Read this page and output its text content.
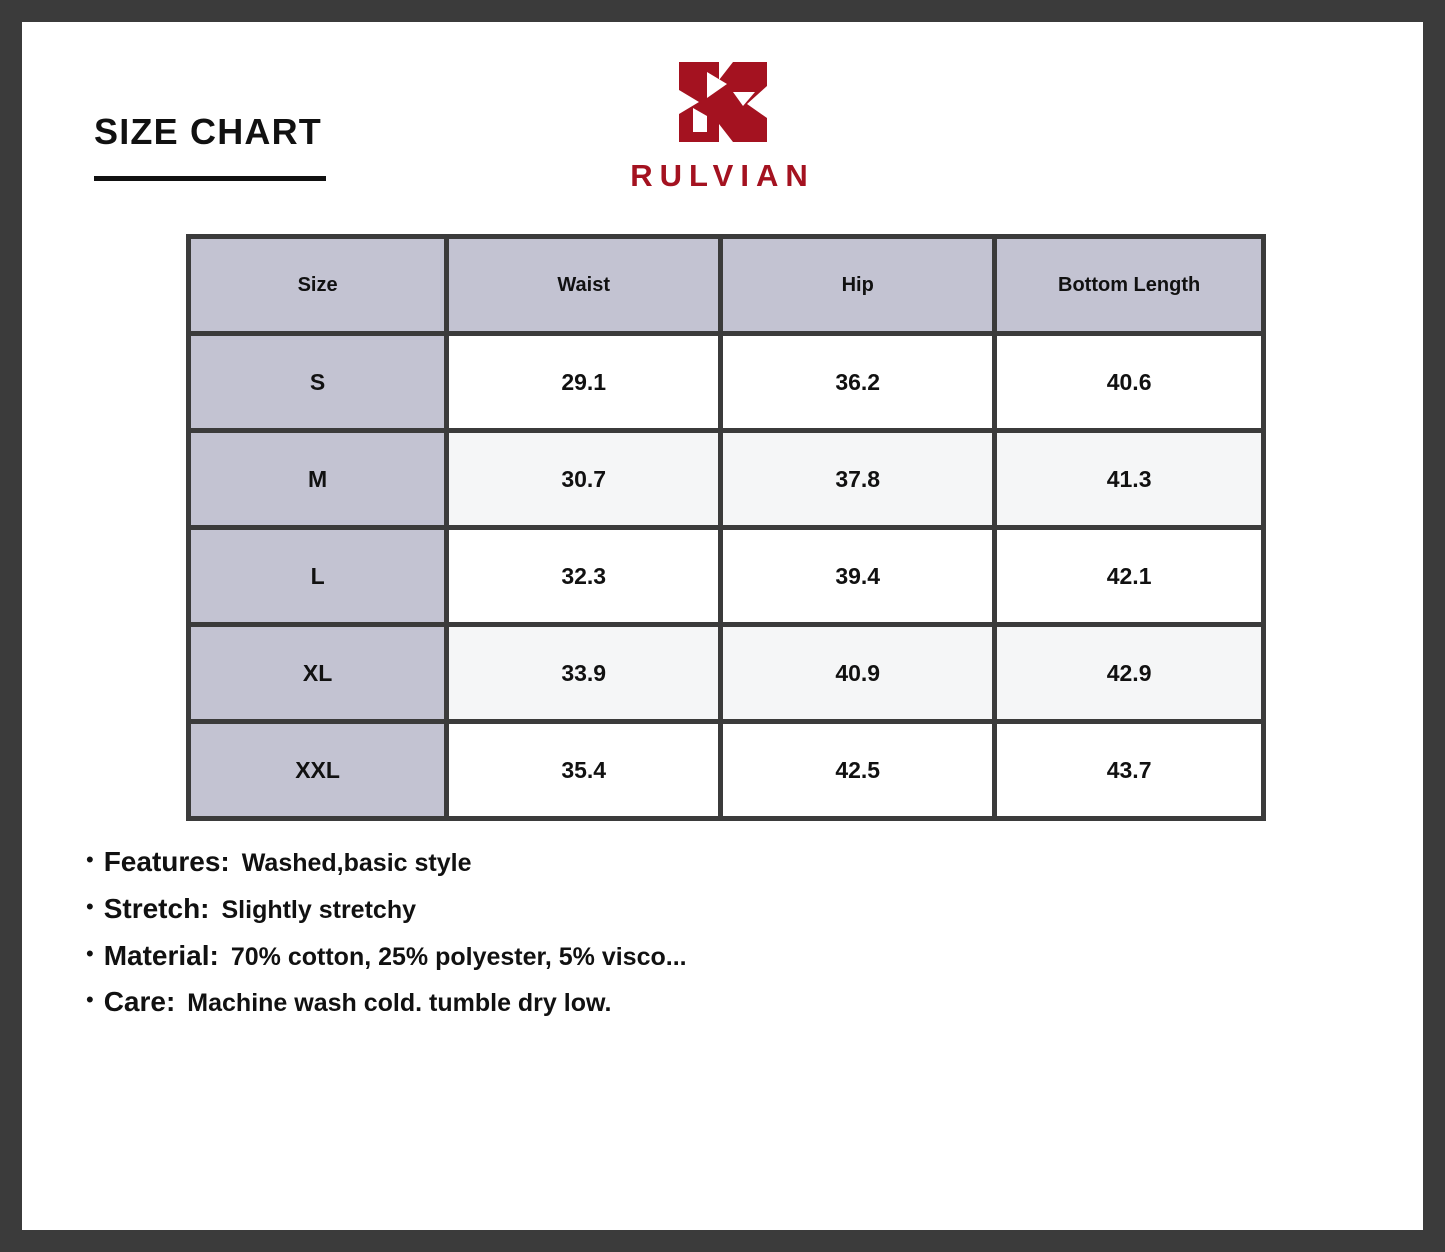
SIZE CHART
RULVIAN
Size	Waist	Hip	Bottom Length
S	29.1	36.2	40.6
M	30.7	37.8	41.3
L	32.3	39.4	42.1
XL	33.9	40.9	42.9
XXL	35.4	42.5	43.7
• Features: Washed,basic style
• Stretch: Slightly stretchy
• Material: 70% cotton, 25% polyester, 5% visco...
• Care: Machine wash cold. tumble dry low.
